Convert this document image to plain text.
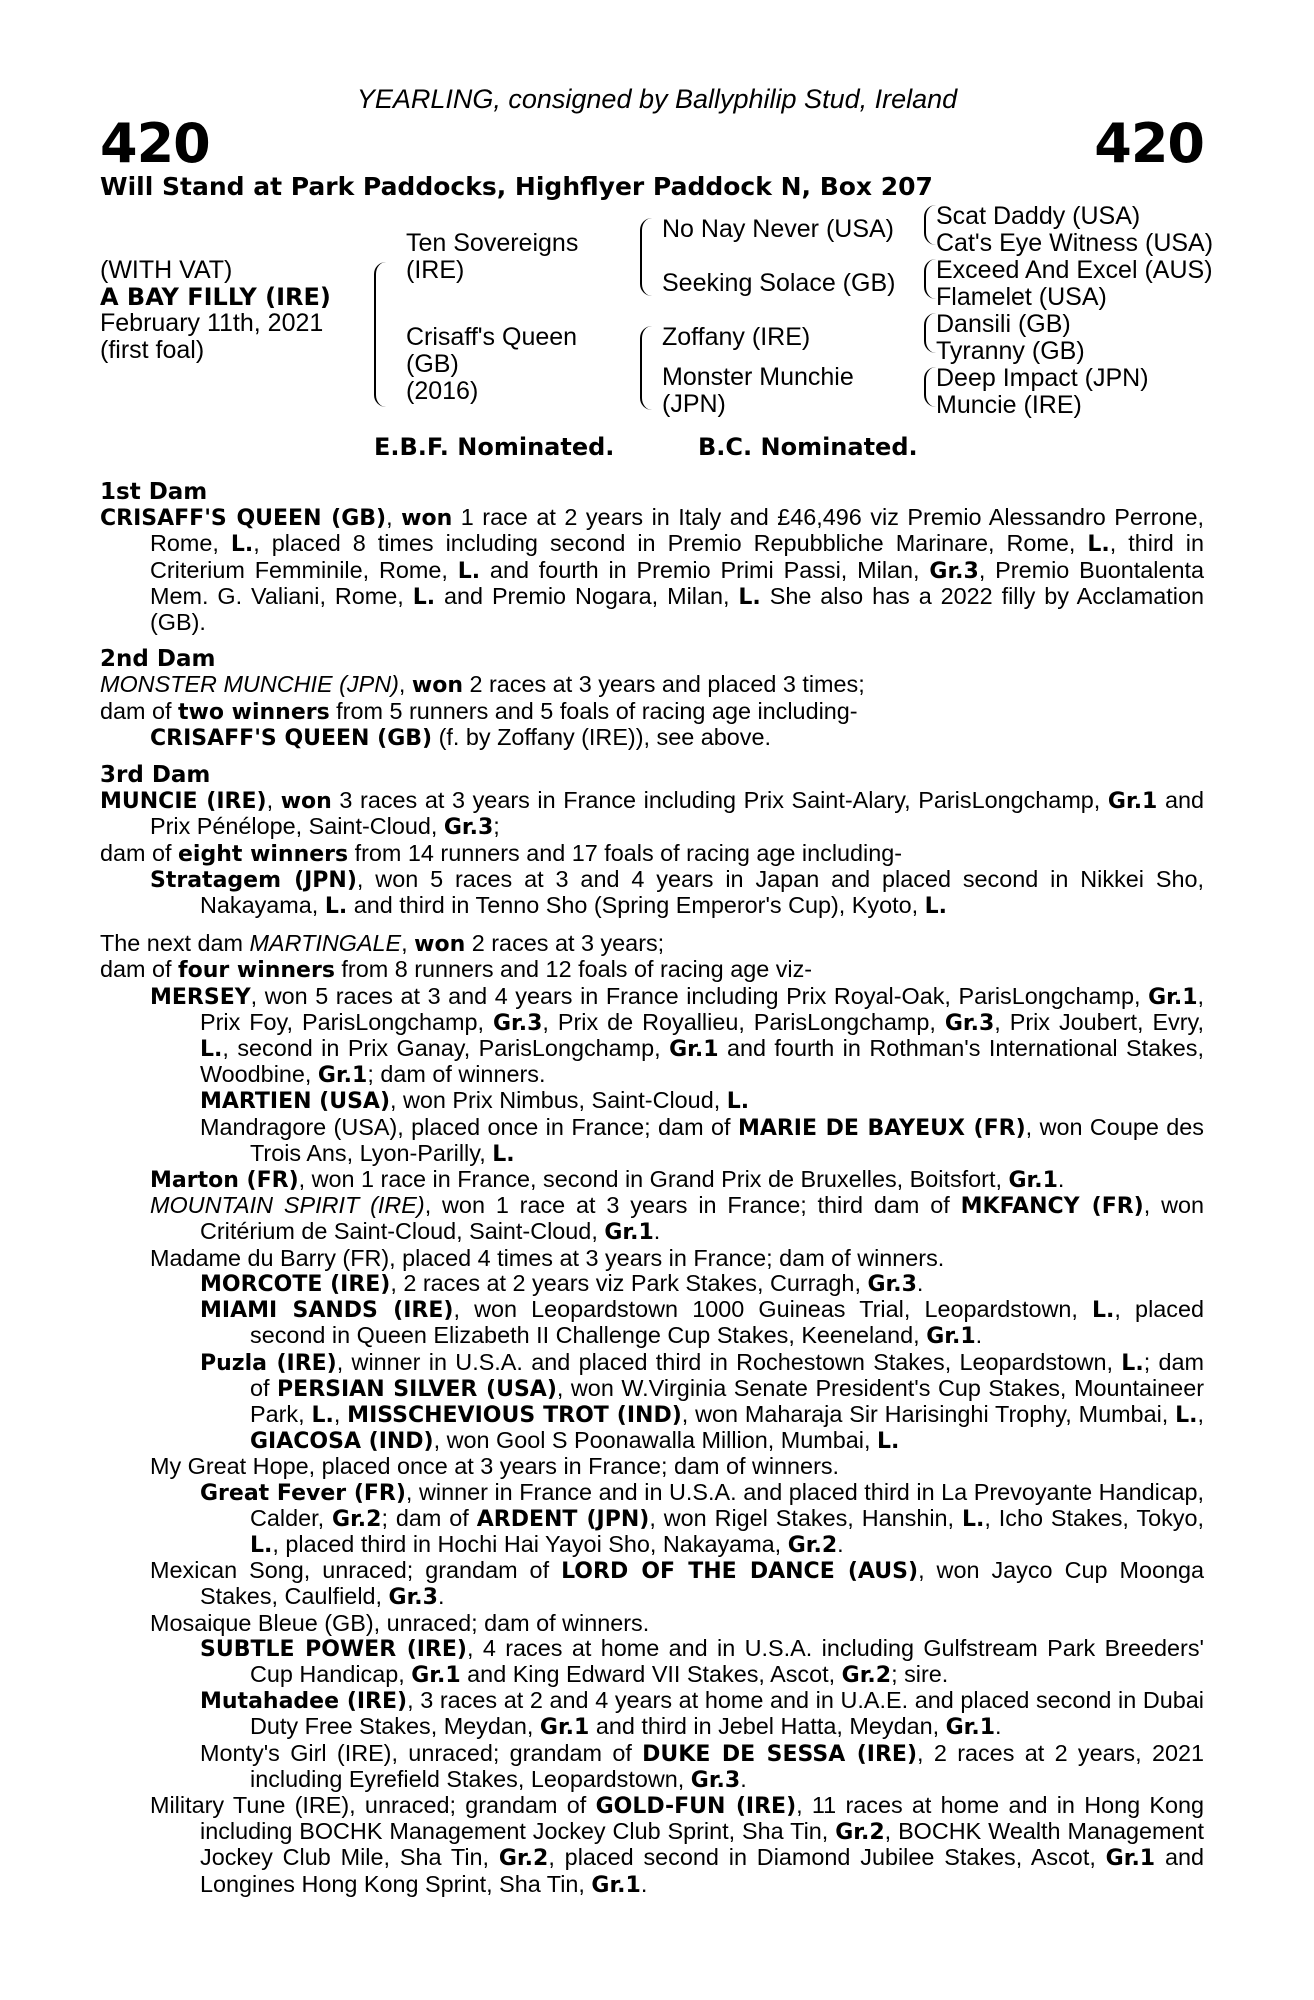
420	420
YEARLING, consigned by Ballyphilip Stud, Ireland
Will Stand at Park Paddocks, Highflyer Paddock N, Box 207
(WITH VAT)
A BAY FILLY (IRE)
February 11th, 2021
(first foal)
Ten Sovereigns
(IRE)
Crisaff's Queen
(GB)
(2016)
No Nay Never (USA)
Seeking Solace (GB)
Zoffany (IRE)
Monster Munchie
(JPN)
Scat Daddy (USA)
Cat's Eye Witness (USA)
Exceed And Excel (AUS)
Flamelet (USA)
Dansili (GB)
Tyranny (GB)
Deep Impact (JPN)
Muncie (IRE)
E.B.F. Nominated.	B.C. Nominated.

1st Dam

CRISAFF'S QUEEN (GB), won 1 race at 2 years in Italy and £46,496 viz Premio Alessandro Perrone, Rome, L., placed 8 times including second in Premio Repubbliche Marinare, Rome, L., third in Criterium Femminile, Rome, L. and fourth in Premio Primi Passi, Milan, Gr.3, Premio Buontalenta Mem. G. Valiani, Rome, L. and Premio Nogara, Milan, L. She also has a 2022 filly by Acclamation (GB).

2nd Dam

MONSTER MUNCHIE (JPN), won 2 races at 3 years and placed 3 times;

dam of two winners from 5 runners and 5 foals of racing age including-

CRISAFF'S QUEEN (GB) (f. by Zoffany (IRE)), see above.

3rd Dam

MUNCIE (IRE), won 3 races at 3 years in France including Prix Saint-Alary, ParisLongchamp, Gr.1 and Prix Pénélope, Saint-Cloud, Gr.3;

dam of eight winners from 14 runners and 17 foals of racing age including-

Stratagem (JPN), won 5 races at 3 and 4 years in Japan and placed second in Nikkei Sho, Nakayama, L. and third in Tenno Sho (Spring Emperor's Cup), Kyoto, L.

The next dam MARTINGALE, won 2 races at 3 years;

dam of four winners from 8 runners and 12 foals of racing age viz-

MERSEY, won 5 races at 3 and 4 years in France including Prix Royal-Oak, ParisLongchamp, Gr.1, Prix Foy, ParisLongchamp, Gr.3, Prix de Royallieu, ParisLongchamp, Gr.3, Prix Joubert, Evry, L., second in Prix Ganay, ParisLongchamp, Gr.1 and fourth in Rothman's International Stakes, Woodbine, Gr.1; dam of winners.

MARTIEN (USA), won Prix Nimbus, Saint-Cloud, L.

Mandragore (USA), placed once in France; dam of MARIE DE BAYEUX (FR), won Coupe des Trois Ans, Lyon-Parilly, L.

Marton (FR), won 1 race in France, second in Grand Prix de Bruxelles, Boitsfort, Gr.1.

MOUNTAIN SPIRIT (IRE), won 1 race at 3 years in France; third dam of MKFANCY (FR), won Critérium de Saint-Cloud, Saint-Cloud, Gr.1.

Madame du Barry (FR), placed 4 times at 3 years in France; dam of winners.

MORCOTE (IRE), 2 races at 2 years viz Park Stakes, Curragh, Gr.3.

MIAMI SANDS (IRE), won Leopardstown 1000 Guineas Trial, Leopardstown, L., placed second in Queen Elizabeth II Challenge Cup Stakes, Keeneland, Gr.1.

Puzla (IRE), winner in U.S.A. and placed third in Rochestown Stakes, Leopardstown, L.; dam of PERSIAN SILVER (USA), won W.Virginia Senate President's Cup Stakes, Mountaineer Park, L., MISSCHEVIOUS TROT (IND), won Maharaja Sir Harisinghi Trophy, Mumbai, L., GIACOSA (IND), won Gool S Poonawalla Million, Mumbai, L.

My Great Hope, placed once at 3 years in France; dam of winners.

Great Fever (FR), winner in France and in U.S.A. and placed third in La Prevoyante Handicap, Calder, Gr.2; dam of ARDENT (JPN), won Rigel Stakes, Hanshin, L., Icho Stakes, Tokyo, L., placed third in Hochi Hai Yayoi Sho, Nakayama, Gr.2.

Mexican Song, unraced; grandam of LORD OF THE DANCE (AUS), won Jayco Cup Moonga Stakes, Caulfield, Gr.3.

Mosaique Bleue (GB), unraced; dam of winners.

SUBTLE POWER (IRE), 4 races at home and in U.S.A. including Gulfstream Park Breeders' Cup Handicap, Gr.1 and King Edward VII Stakes, Ascot, Gr.2; sire.

Mutahadee (IRE), 3 races at 2 and 4 years at home and in U.A.E. and placed second in Dubai Duty Free Stakes, Meydan, Gr.1 and third in Jebel Hatta, Meydan, Gr.1.

Monty's Girl (IRE), unraced; grandam of DUKE DE SESSA (IRE), 2 races at 2 years, 2021 including Eyrefield Stakes, Leopardstown, Gr.3.

Military Tune (IRE), unraced; grandam of GOLD-FUN (IRE), 11 races at home and in Hong Kong including BOCHK Management Jockey Club Sprint, Sha Tin, Gr.2, BOCHK Wealth Management Jockey Club Mile, Sha Tin, Gr.2, placed second in Diamond Jubilee Stakes, Ascot, Gr.1 and Longines Hong Kong Sprint, Sha Tin, Gr.1.
